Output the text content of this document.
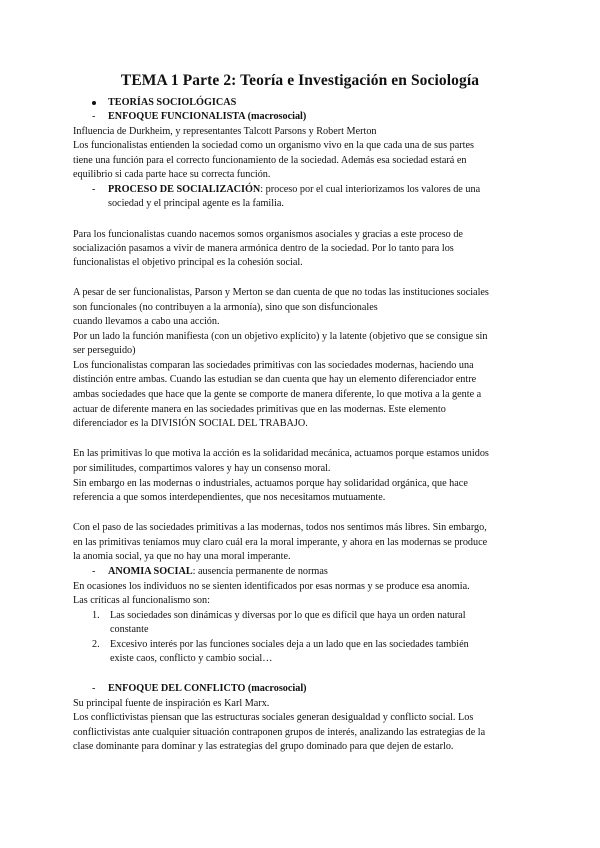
TEMA 1 Parte 2: Teoría e Investigación en Sociología
TEORÍAS SOCIOLÓGICAS
- ENFOQUE FUNCIONALISTA (macrosocial)
Influencia de Durkheim, y representantes Talcott Parsons y Robert Merton
Los funcionalistas entienden la sociedad como un organismo vivo en la que cada una de sus partes
tiene una función para el correcto funcionamiento de la sociedad. Además esa sociedad estará en
equilibrio si cada parte hace su correcta función.
- PROCESO DE SOCIALIZACIÓN: proceso por el cual interiorizamos los valores de una
sociedad y el principal agente es la familia.
Para los funcionalistas cuando nacemos somos organismos asociales y gracias a este proceso de
socialización pasamos a vivir de manera armónica dentro de la sociedad. Por lo tanto para los
funcionalistas el objetivo principal es la cohesión social.
A pesar de ser funcionalistas, Parson y Merton se dan cuenta de que no todas las instituciones sociales
son funcionales (no contribuyen a la armonía), sino que son disfuncionales
cuando llevamos a cabo una acción.
Por un lado la función manifiesta (con un objetivo explícito) y la latente (objetivo que se consigue sin
ser perseguido)
Los funcionalistas comparan las sociedades primitivas con las sociedades modernas, haciendo una
distinción entre ambas. Cuando las estudian se dan cuenta que hay un elemento diferenciador entre
ambas sociedades que hace que la gente se comporte de manera diferente, lo que motiva a la gente a
actuar de diferente manera en las sociedades primitivas que en las modernas. Este elemento
diferenciador es la DIVISIÓN SOCIAL DEL TRABAJO.
En las primitivas lo que motiva la acción es la solidaridad mecánica, actuamos porque estamos unidos
por similitudes, compartimos valores y hay un consenso moral.
Sin embargo en las modernas o industriales, actuamos porque hay solidaridad orgánica, que hace
referencia a que somos interdependientes, que nos necesitamos mutuamente.
Con el paso de las sociedades primitivas a las modernas, todos nos sentimos más libres. Sin embargo,
en las primitivas teníamos muy claro cuál era la moral imperante, y ahora en las modernas se produce
la anomia social, ya que no hay una moral imperante.
- ANOMIA SOCIAL: ausencia permanente de normas
En ocasiones los individuos no se sienten identificados por esas normas y se produce esa anomia.
Las críticas al funcionalismo son:
1. Las sociedades son dinámicas y diversas por lo que es difícil que haya un orden natural
constante
2. Excesivo interés por las funciones sociales deja a un lado que en las sociedades también
existe caos, conflicto y cambio social…
- ENFOQUE DEL CONFLICTO (macrosocial)
Su principal fuente de inspiración es Karl Marx.
Los conflictivistas piensan que las estructuras sociales generan desigualdad y conflicto social. Los
conflictivistas ante cualquier situación contraponen grupos de interés, analizando las estrategias de la
clase dominante para dominar y las estrategias del grupo dominado para que dejen de estarlo.
